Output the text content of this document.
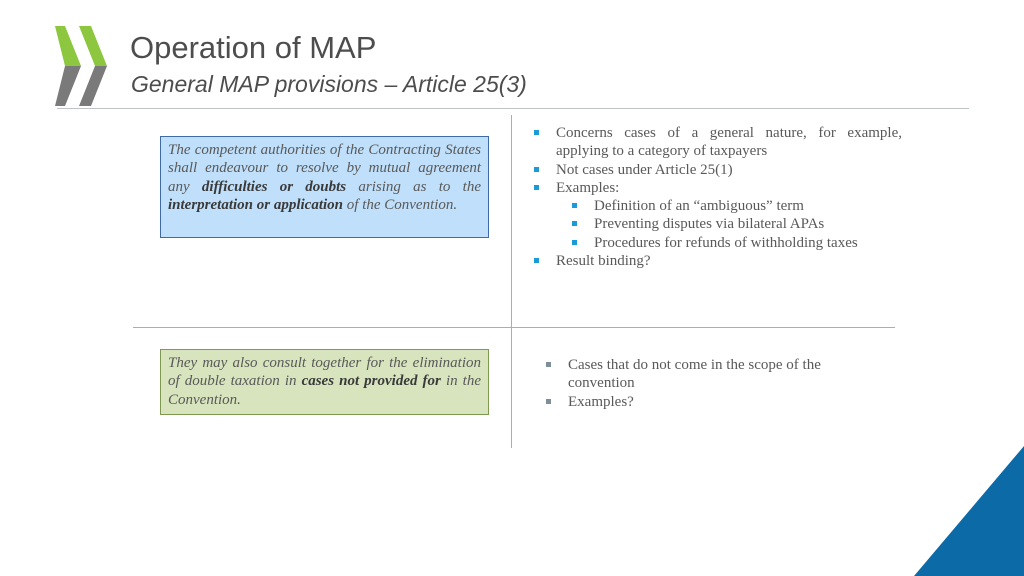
Operation of MAP
General MAP provisions – Article 25(3)
The competent authorities of the Contracting States shall endeavour to resolve by mutual agreement any difficulties or doubts arising as to the interpretation or application of the Convention.
They may also consult together for the elimination of double taxation in cases not provided for in the Convention.
Concerns cases of a general nature, for example, applying to a category of taxpayers
Not cases under Article 25(1)
Examples:
Definition of an “ambiguous” term
Preventing disputes via bilateral APAs
Procedures for refunds of withholding taxes
Result binding?
Cases that do not come in the scope of the convention
Examples?
